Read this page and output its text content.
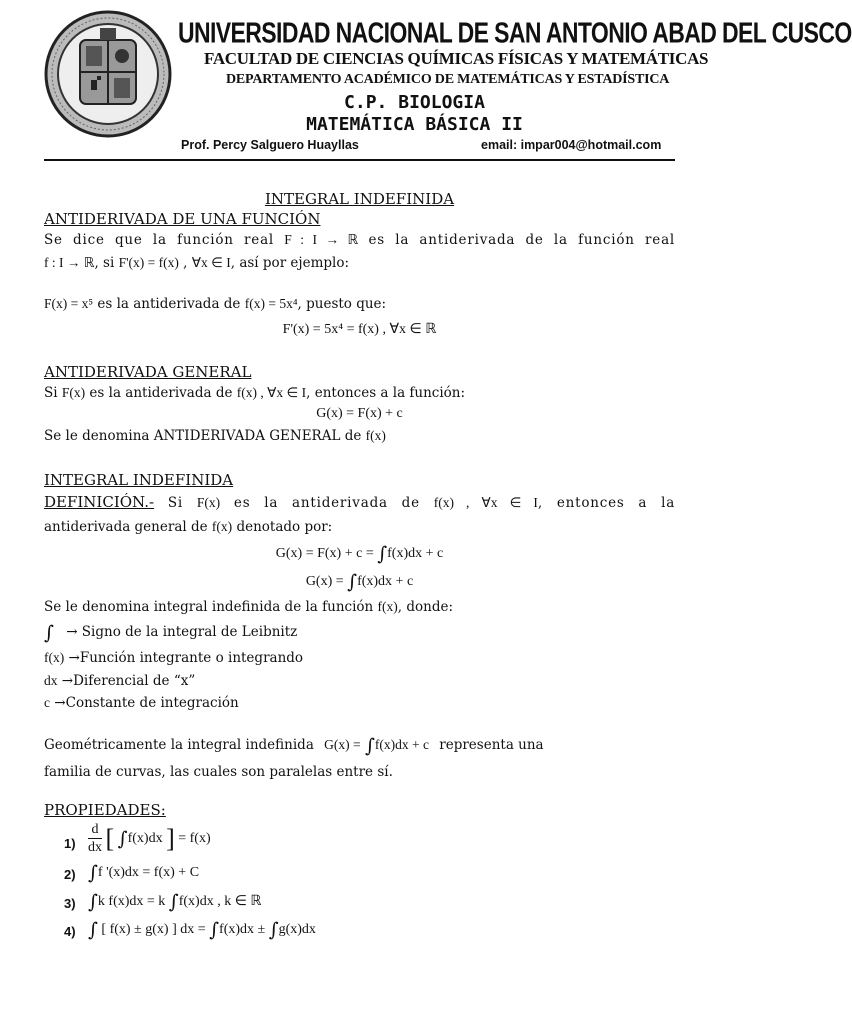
UNIVERSIDAD NACIONAL DE SAN ANTONIO ABAD DEL CUSCO
FACULTAD DE CIENCIAS QUÍMICAS FÍSICAS Y MATEMÁTICAS
DEPARTAMENTO ACADÉMICO DE MATEMÁTICAS Y ESTADÍSTICA
C.P. BIOLOGIA
MATEMÁTICA BÁSICA II
Prof. Percy Salguero Huayllas	email: impar004@hotmail.com
INTEGRAL INDEFINIDA
ANTIDERIVADA DE UNA FUNCIÓN
Se dice que la función real F : I → ℝ es la antiderivada de la función real
f : I → ℝ, si F'(x) = f(x) , ∀x ∈ I, así por ejemplo:
F(x) = x⁵ es la antiderivada de f(x) = 5x⁴, puesto que:
F'(x) = 5x⁴ = f(x) , ∀x ∈ ℝ
ANTIDERIVADA GENERAL
Si F(x) es la antiderivada de f(x) , ∀x ∈ I, entonces a la función:
G(x) = F(x) + c
Se le denomina ANTIDERIVADA GENERAL de f(x)
INTEGRAL INDEFINIDA
DEFINICIÓN.- Si F(x) es la antiderivada de f(x) , ∀x ∈ I, entonces a la
antiderivada general de f(x) denotado por:
G(x) = F(x) + c = ∫f(x)dx + c
G(x) = ∫f(x)dx + c
Se le denomina integral indefinida de la función f(x), donde:
∫ → Signo de la integral de Leibnitz
f(x) →Función integrante o integrando
dx →Diferencial de “x”
c →Constante de integración
Geométricamente la integral indefinida G(x) = ∫f(x)dx + c representa una
familia de curvas, las cuales son paralelas entre sí.
PROPIEDADES:
$1) \frac{d}{dx}$ [ ∫f(x)dx ] = f(x)
2) ∫f '(x)dx = f(x) + C
3) ∫k f(x)dx = k ∫f(x)dx , k ∈ ℝ
4) ∫ [ f(x) ± g(x) ] dx = ∫f(x)dx ± ∫g(x)dx
